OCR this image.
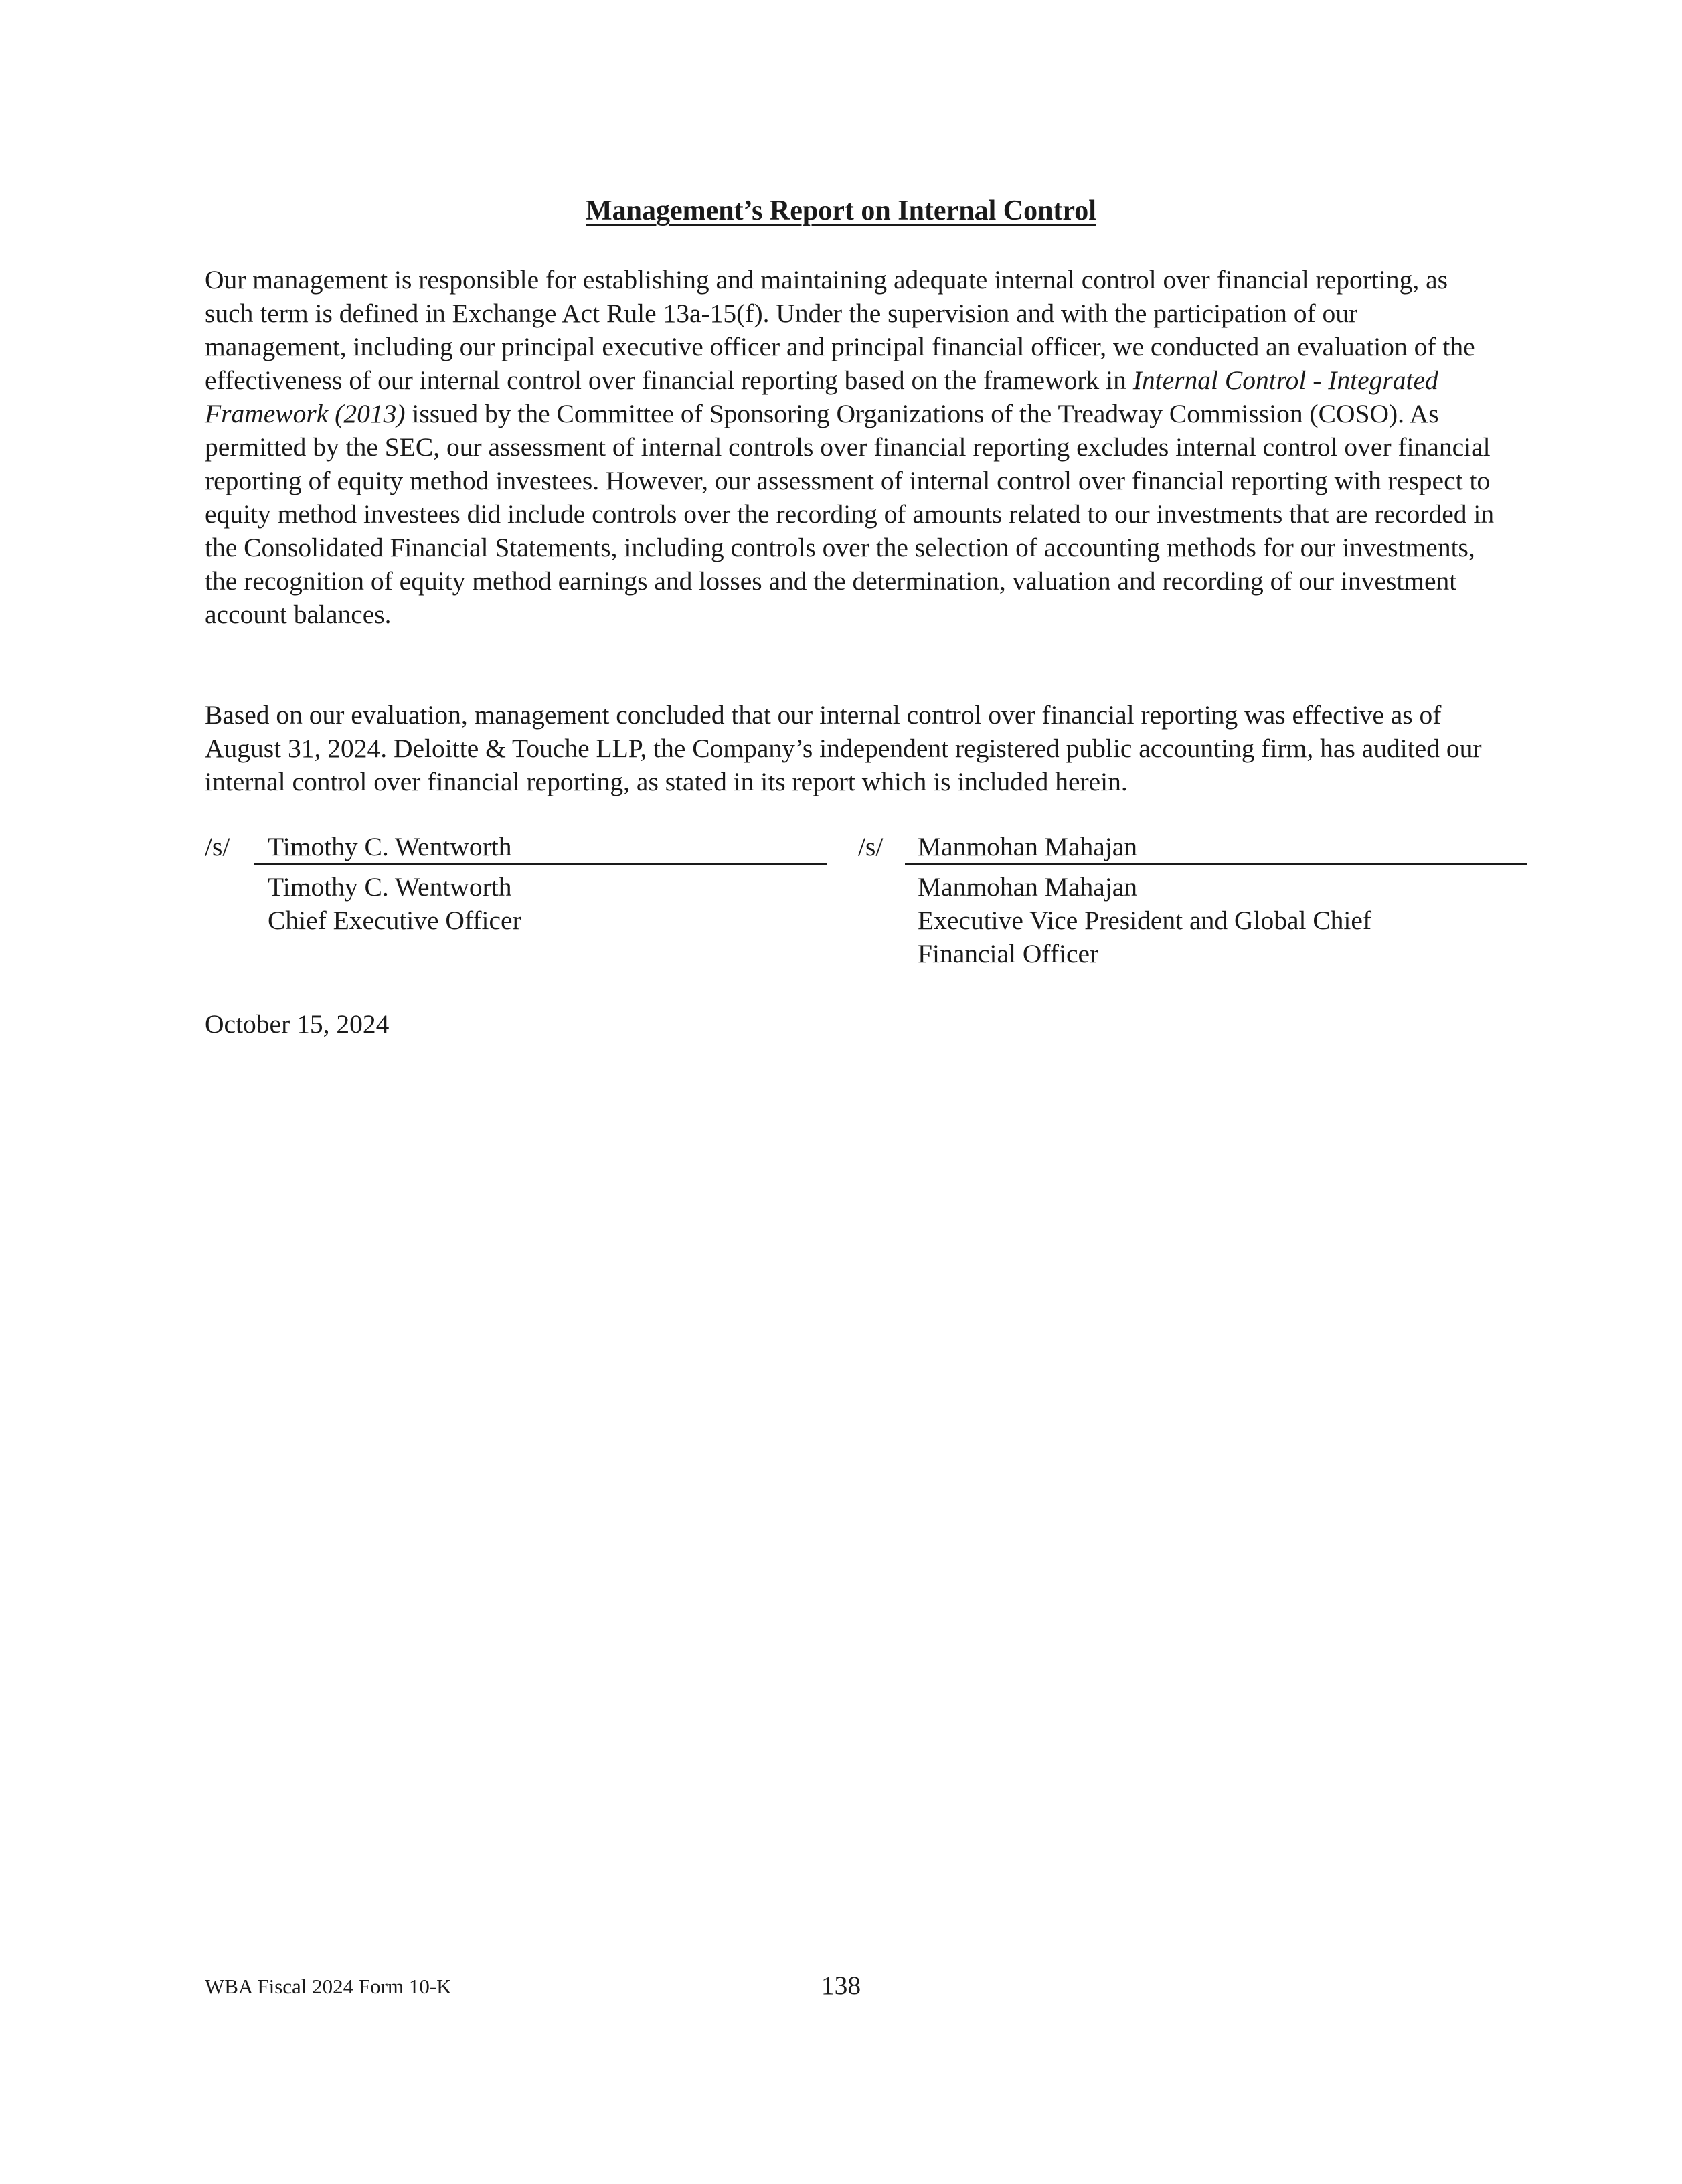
Management’s Report on Internal Control

Our management is responsible for establishing and maintaining adequate internal control over financial reporting, as such term is defined in Exchange Act Rule 13a-15(f). Under the supervision and with the participation of our management, including our principal executive officer and principal financial officer, we conducted an evaluation of the effectiveness of our internal control over financial reporting based on the framework in Internal Control - Integrated Framework (2013) issued by the Committee of Sponsoring Organizations of the Treadway Commission (COSO). As permitted by the SEC, our assessment of internal controls over financial reporting excludes internal control over financial reporting of equity method investees. However, our assessment of internal control over financial reporting with respect to equity method investees did include controls over the recording of amounts related to our investments that are recorded in the Consolidated Financial Statements, including controls over the selection of accounting methods for our investments, the recognition of equity method earnings and losses and the determination, valuation and recording of our investment account balances.

Based on our evaluation, management concluded that our internal control over financial reporting was effective as of August 31, 2024. Deloitte & Touche LLP, the Company’s independent registered public accounting firm, has audited our internal control over financial reporting, as stated in its report which is included herein.

/s/ Timothy C. Wentworth
Timothy C. Wentworth
Chief Executive Officer
/s/ Manmohan Mahajan
Manmohan Mahajan
Executive Vice President and Global Chief
Financial Officer

October 15, 2024

WBA Fiscal 2024 Form 10-K	138
